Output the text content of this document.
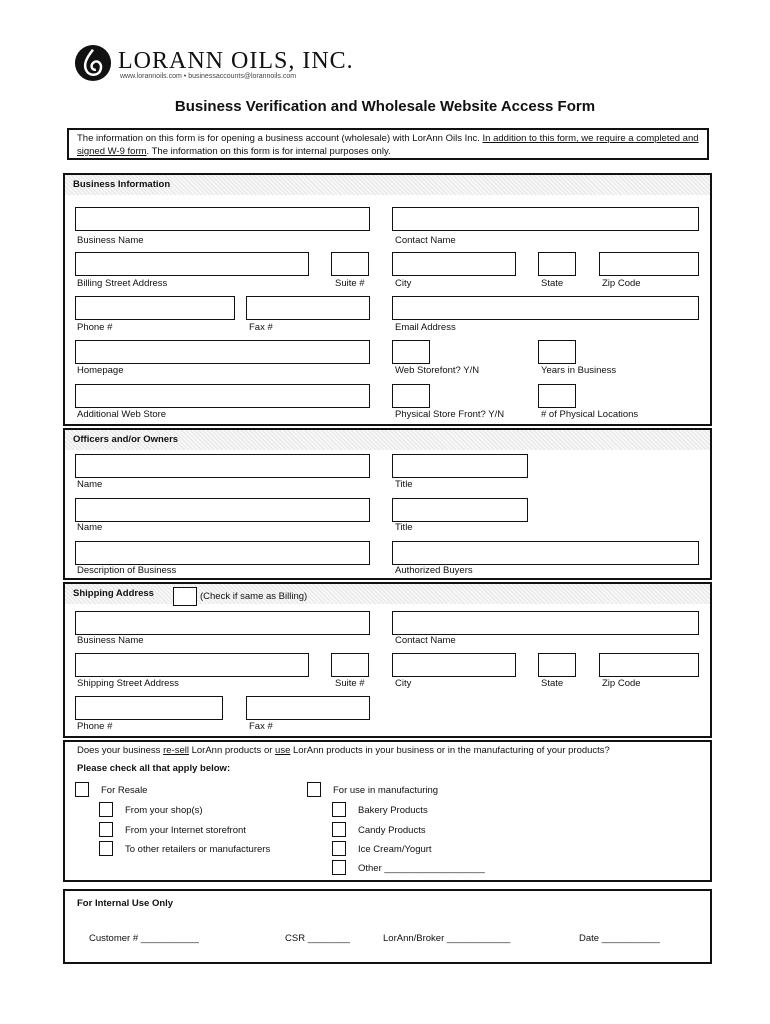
LORANN OILS, INC.
www.lorannoils.com • businessaccounts@lorannoils.com
Business Verification and Wholesale Website Access Form
The information on this form is for opening a business account (wholesale) with LorAnn Oils Inc. In addition to this form, we require a completed and signed W-9 form. The information on this form is for internal purposes only.
Business Information
Business Name	Contact Name
Billing Street Address	Suite #	City	State	Zip Code
Phone #	Fax #	Email Address
Homepage	Web Storefont? Y/N	Years in Business
Additional Web Store	Physical Store Front? Y/N	# of Physical Locations
Officers and/or Owners
Name	Title
Name	Title
Description of Business	Authorized Buyers
Shipping Address	(Check if same as Billing)
Business Name	Contact Name
Shipping Street Address	Suite #	City	State	Zip Code
Phone #	Fax #
Does your business re-sell LorAnn products or use LorAnn products in your business or in the manufacturing of your products?
Please check all that apply below:
For Resale
From your shop(s)
From your Internet storefront
To other retailers or manufacturers
For use in manufacturing
Bakery Products
Candy Products
Ice Cream/Yogurt
Other ___________________
For Internal Use Only
Customer # ___________	CSR ________	LorAnn/Broker ____________	Date ___________
